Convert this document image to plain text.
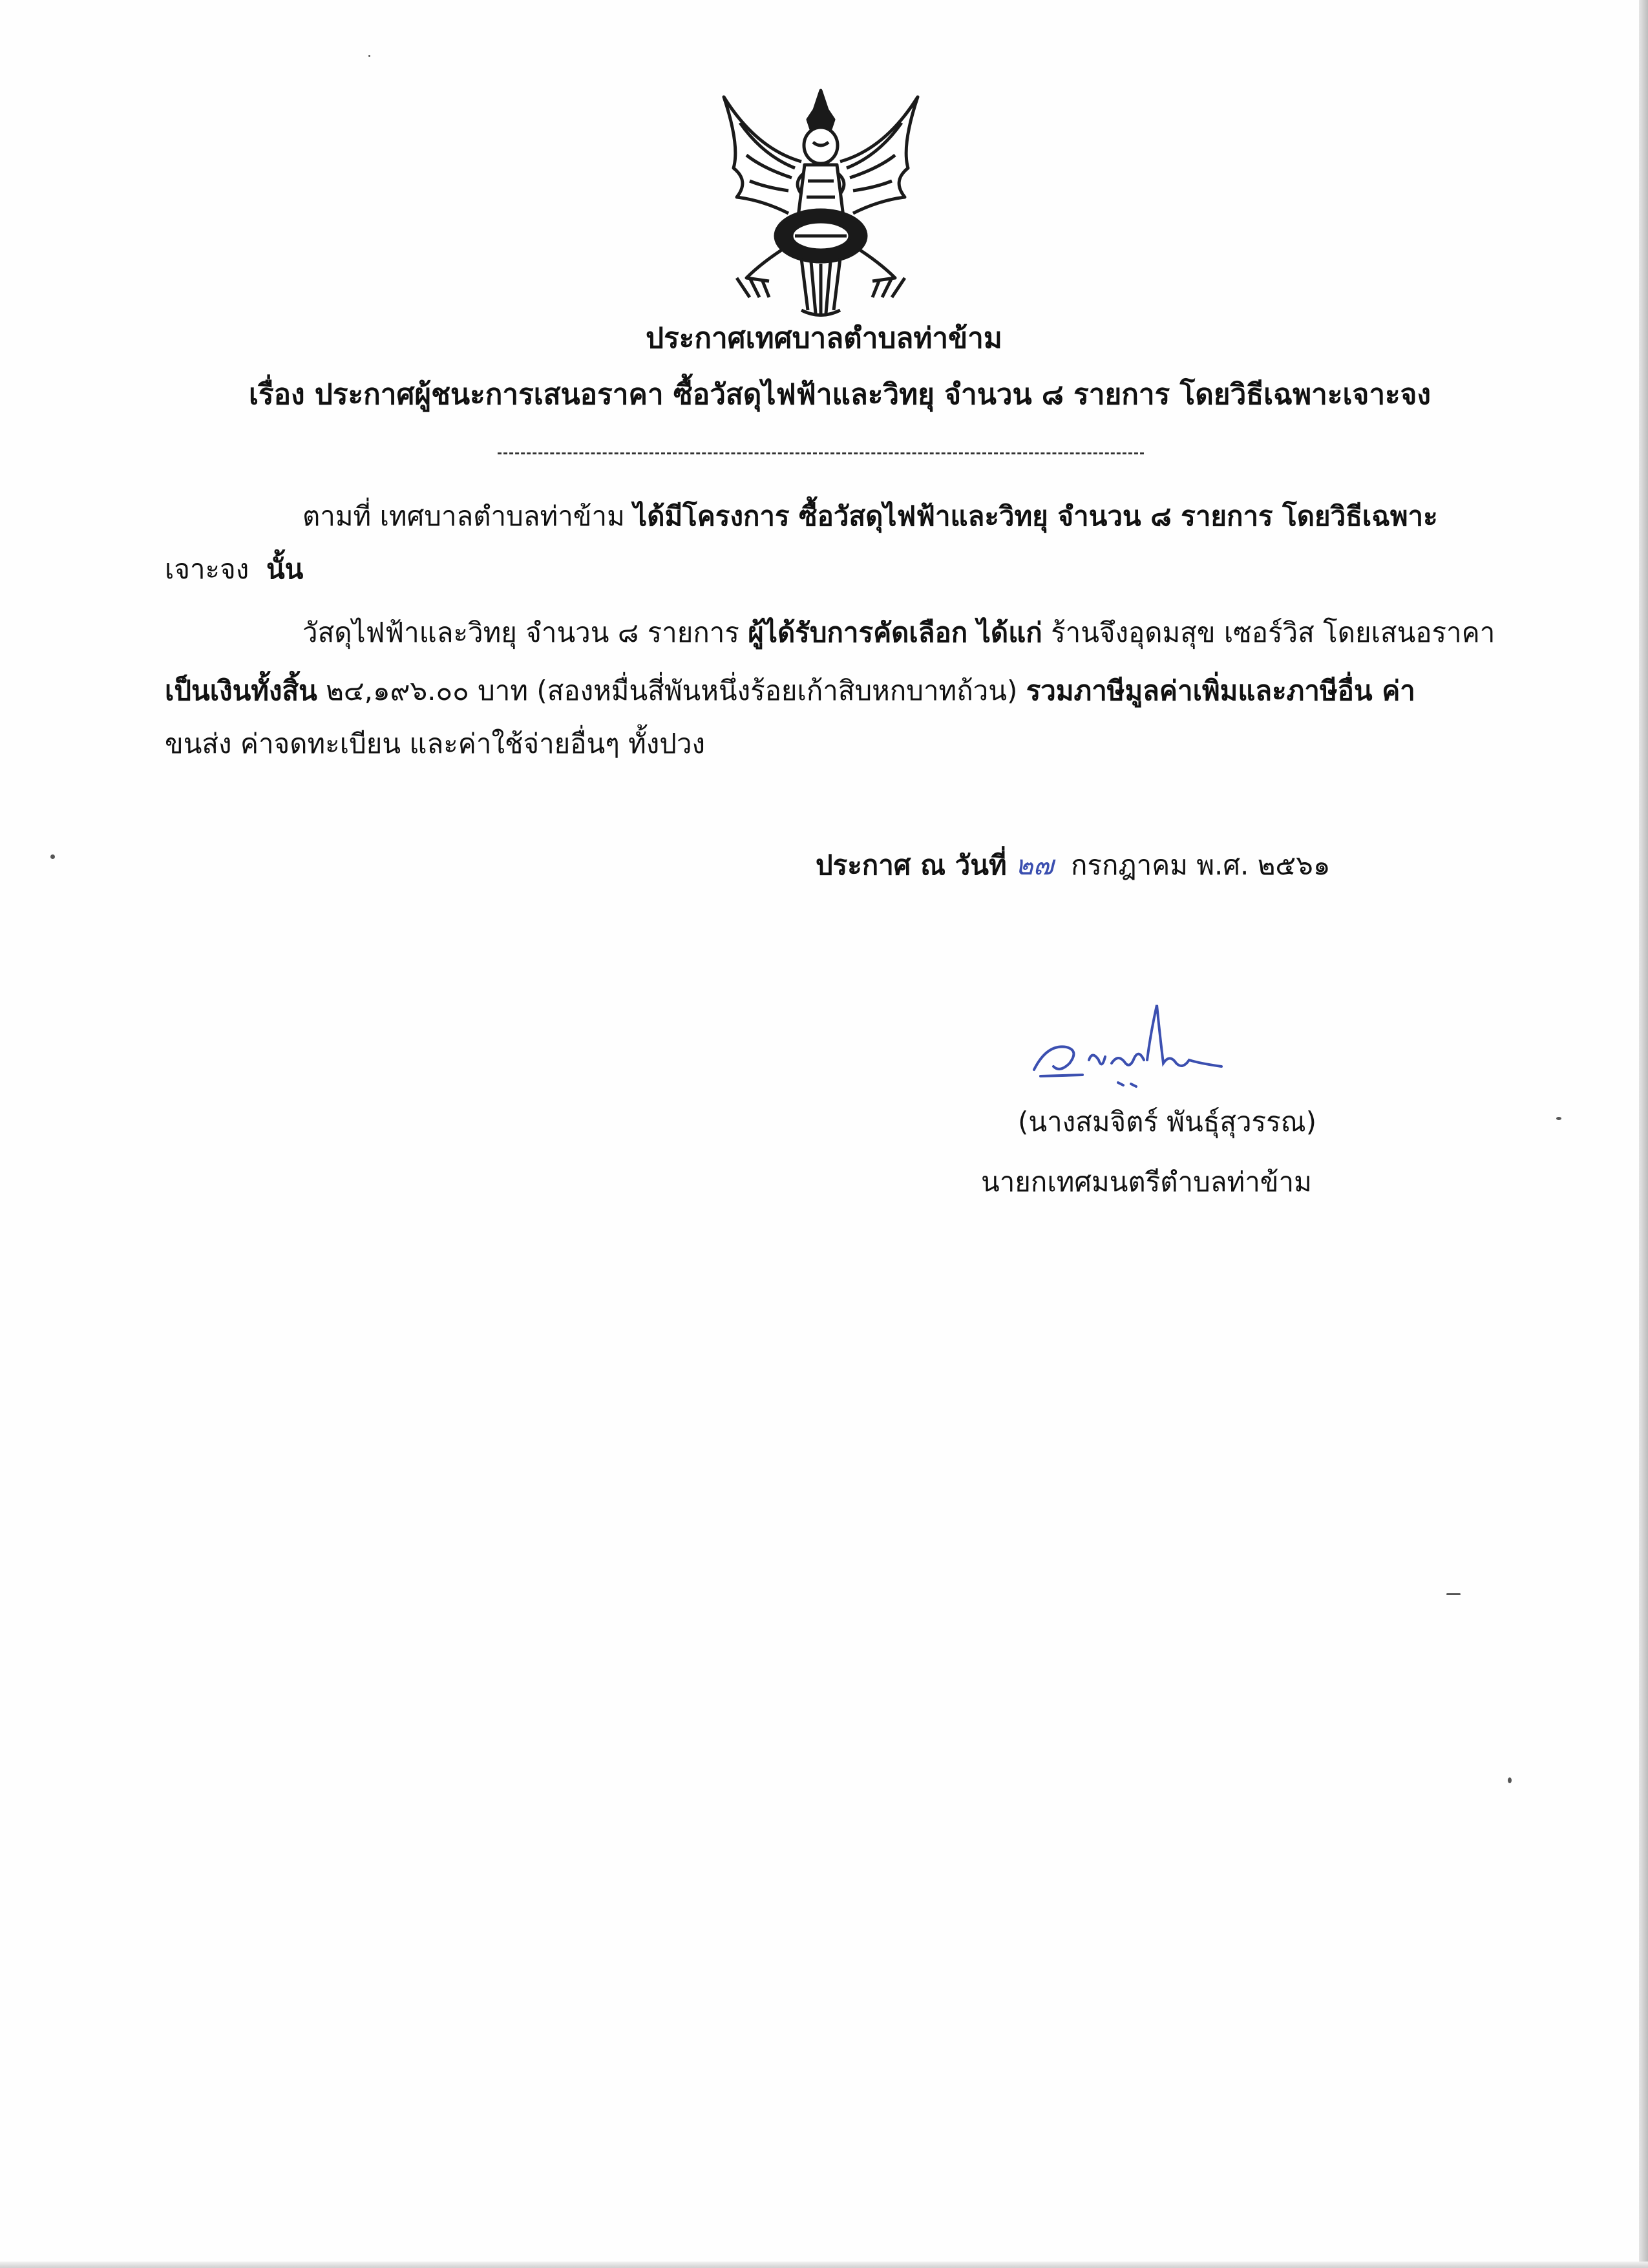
ประกาศเทศบาลตำบลท่าข้าม
เรื่อง ประกาศผู้ชนะการเสนอราคา ซื้อวัสดุไฟฟ้าและวิทยุ จำนวน ๘ รายการ โดยวิธีเฉพาะเจาะจง
ตามที่ เทศบาลตำบลท่าข้าม ได้มีโครงการ ซื้อวัสดุไฟฟ้าและวิทยุ จำนวน ๘ รายการ โดยวิธีเฉพาะ
เจาะจง นั้น
วัสดุไฟฟ้าและวิทยุ จำนวน ๘ รายการ ผู้ได้รับการคัดเลือก ได้แก่ ร้านจึงอุดมสุข เซอร์วิส โดยเสนอราคา
เป็นเงินทั้งสิ้น ๒๔,๑๙๖.๐๐ บาท (สองหมื่นสี่พันหนึ่งร้อยเก้าสิบหกบาทถ้วน) รวมภาษีมูลค่าเพิ่มและภาษีอื่น ค่า
ขนส่ง ค่าจดทะเบียน และค่าใช้จ่ายอื่นๆ ทั้งปวง
ประกาศ ณ วันที่ ๒๗ กรกฎาคม พ.ศ. ๒๕๖๑
(นางสมจิตร์ พันธุ์สุวรรณ)
นายกเทศมนตรีตำบลท่าข้าม
